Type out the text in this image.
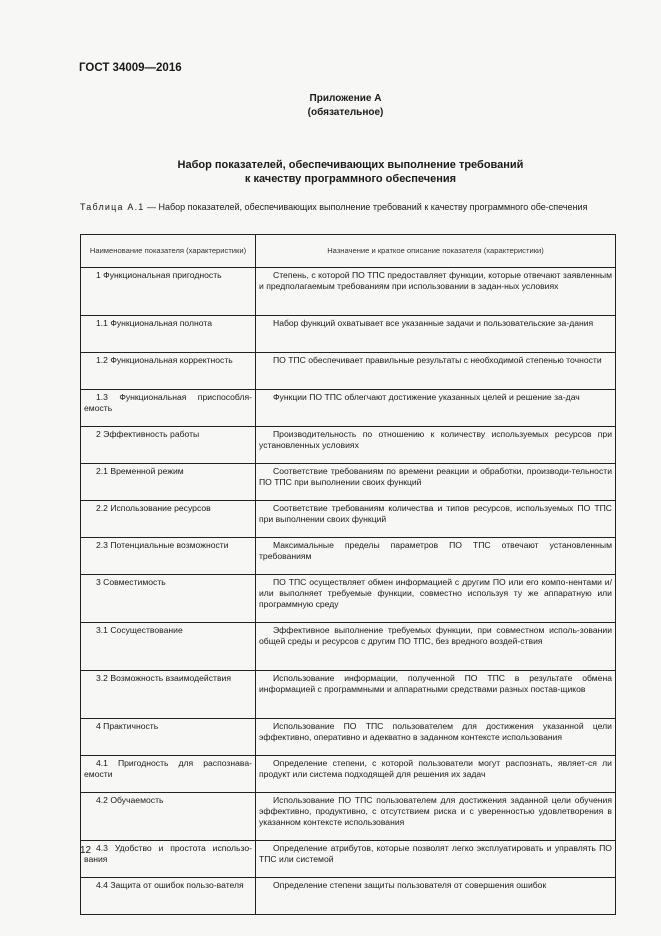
ГОСТ 34009—2016
Приложение А
(обязательное)
Набор показателей, обеспечивающих выполнение требований
к качеству программного обеспечения
Таблица А.1 — Набор показателей, обеспечивающих выполнение требований к качеству программного обе-спечения
Наименование показателя (характеристики)	Назначение и краткое описание показателя (характеристики)
1 Функциональная пригодность	Степень, с которой ПО ТПС предоставляет функции, которые отвечают заявленным и предполагаемым требованиям при использовании в задан-ных условиях
1.1 Функциональная полнота	Набор функций охватывает все указанные задачи и пользовательские за-дания
1.2 Функциональная корректность	ПО ТПС обеспечивает правильные результаты с необходимой степенью точности
1.3 Функциональная приспособля-емость	Функции ПО ТПС облегчают достижение указанных целей и решение за-дач
2 Эффективность работы	Производительность по отношению к количеству используемых ресурсов при установленных условиях
2.1 Временной режим	Соответствие требованиям по времени реакции и обработки, производи-тельности ПО ТПС при выполнении своих функций
2.2 Использование ресурсов	Соответствие требованиям количества и типов ресурсов, используемых ПО ТПС при выполнении своих функций
2.3 Потенциальные возможности	Максимальные пределы параметров ПО ТПС отвечают установленным требованиям
3 Совместимость	ПО ТПС осуществляет обмен информацией с другим ПО или его компо-нентами и/или выполняет требуемые функции, совместно используя ту же аппаратную или программную среду
3.1 Сосуществование	Эффективное выполнение требуемых функции, при совместном исполь-зовании общей среды и ресурсов с другим ПО ТПС, без вредного воздей-ствия
3.2 Возможность взаимодействия	Использование информации, полученной ПО ТПС в результате обмена информацией с программными и аппаратными средствами разных постав-щиков
4 Практичность	Использование ПО ТПС пользователем для достижения указанной цели эффективно, оперативно и адекватно в заданном контексте использования
4.1 Пригодность для распознава-емости	Определение степени, с которой пользователи могут распознать, являет-ся ли продукт или система подходящей для решения их задач
4.2 Обучаемость	Использование ПО ТПС пользователем для достижения заданной цели обучения эффективно, продуктивно, с отсутствием риска и с уверенностью удовлетворения в указанном контексте использования
4.3 Удобство и простота использо-вания	Определение атрибутов, которые позволят легко эксплуатировать и управлять ПО ТПС или системой
4.4 Защита от ошибок пользо-вателя	Определение степени защиты пользователя от совершения ошибок
12
